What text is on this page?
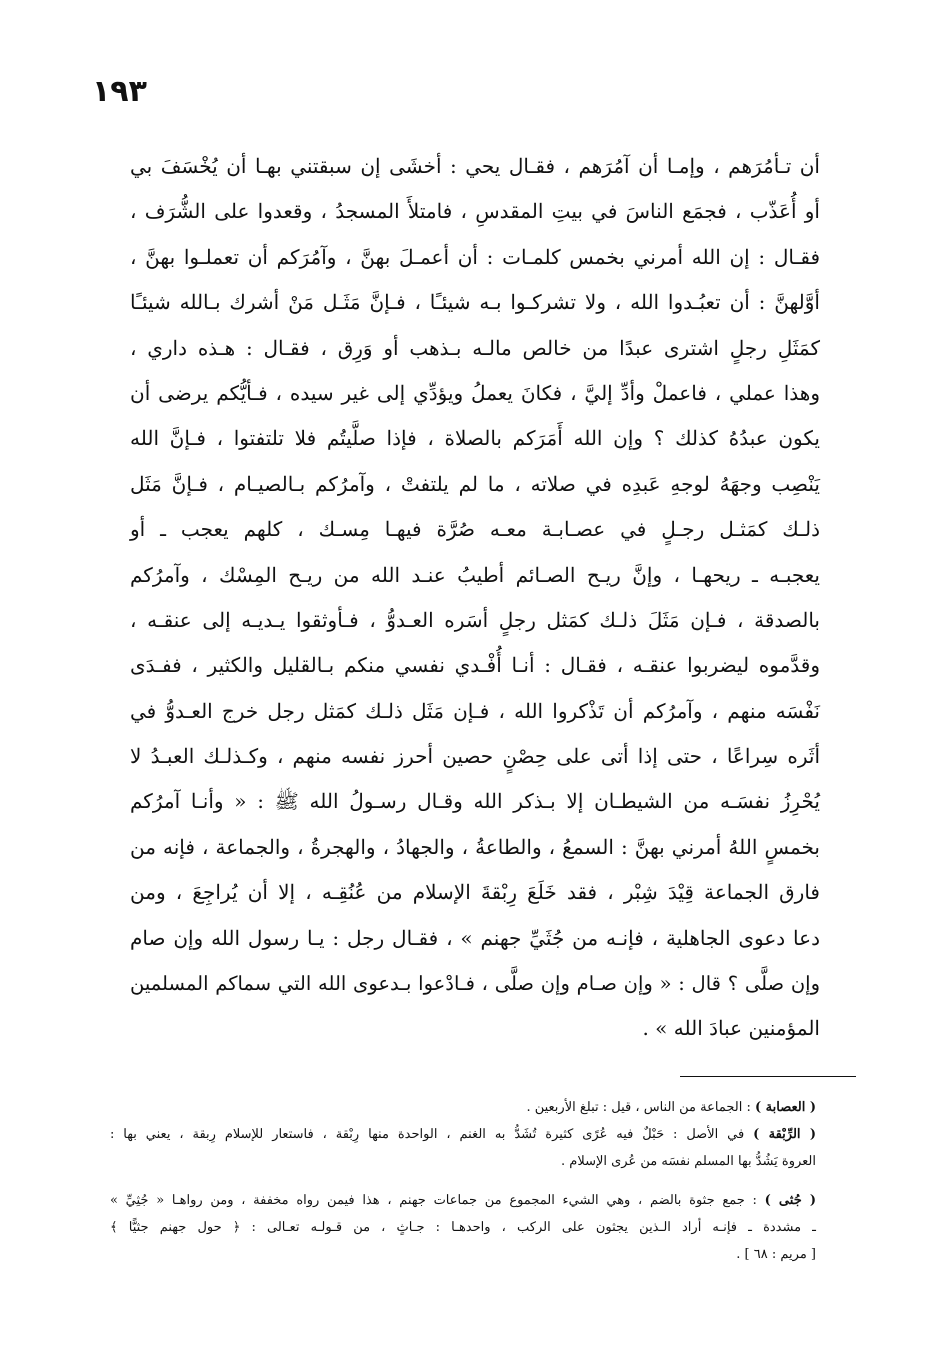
١٩٣
أن تـأمُرَهم ، وإمـا أن آمُرَهم ، فقـال يحي : أخشَى إن سبقتني بهـا أن يُخْسَفَ بي
أو أُعَذّب ، فجمَع الناسَ في بيتِ المقدسِ ، فامتلأَ المسجدُ ، وقعدوا على الشُّرَف ،
فقـال : إن الله أمرني بخمس كلمـات : أن أعمـلَ بهنَّ ، وآمُرَكم أن تعملـوا بهنَّ ،
أوَّلهنَّ : أن تعبُـدوا الله ، ولا تشركـوا بـه شيئـًا ، فـإنَّ مَثَـل مَنْ أشرك بـالله شيئـًا
كمَثَلِ رجلٍ اشترى عبدًا من خالص مالـه بـذهب أو وَرِق ، فقـال : هـذه داري ،
وهذا عملي ، فاعملْ وأدِّ إليَّ ، فكانَ يعملُ ويؤدِّي إلى غير سيده ، فـأيُّكم يرضى أن
يكون عبدُهُ كذلك ؟ وإن الله أَمَرَكم بالصلاة ، فإذا صلَّيتُم فلا تلتفتوا ، فـإنَّ الله
يَنْصِب وجهَهُ لوجهِ عَبدِه في صلاته ، ما لم يلتفتْ ، وآمرُكم بـالصيـام ، فـإنَّ مَثَل
ذلـك كمَثـل رجـلٍ في عصـابـة معـه صُرَّة فيهـا مِسـك ، كلهم يعجب ـ أو
يعجبـه ـ ريحهـا ، وإنَّ ريـح الصـائم أطيبُ عنـد الله من ريـح المِسْك ، وآمرُكم
بالصدقة ، فـإن مَثَلَ ذلـك كمَثل رجلٍ أسَره العـدوُّ ، فـأوثقوا يـديـه إلى عنقـه ،
وقدَّموه ليضربوا عنقـه ، فقـال : أنـا أُفْـدي نفسي منكم بـالقليل والكثير ، ففـدَى
نَفْسَه منهم ، وآمرُكم أن تَذْكروا الله ، فـإن مَثَل ذلـك كمَثل رجل خرج العـدوُّ في
أثَره سِراعًا ، حتى إذا أتى على حِصْنٍ حصين أحرز نفسه منهم ، وكـذلـك العبـدُ لا
يُحْرِزُ نفسَـه من الشيطـان إلا بـذكر الله وقـال رسـولُ الله ﷺ : « وأنـا آمرُكم
بخمسٍ اللهُ أمرني بهنَّ : السمعُ ، والطاعةُ ، والجهادُ ، والهجرةُ ، والجماعة ، فإنه من
فارق الجماعة قِيْدَ شِبْر ، فقد خَلَعَ رِبْقةَ الإسلام من عُنُقِـه ، إلا أن يُراجِعَ ، ومن
دعا دعوى الجاهلية ، فإنـه من جُثَيِّ جهنم » ، فقـال رجل : يـا رسول الله وإن صام
وإن صلَّى ؟ قال : « وإن صـام وإن صلَّى ، فـادْعوا بـدعوى الله التي سماكم المسلمين
المؤمنين عبادَ الله » .
( العصابة ) : الجماعة من الناس ، قيل : تبلغ الأربعين .
( الرِّبْقة ) في الأصل : حَبْلٌ فيه عُرًى كثيرة تُشَدُّ به الغنم ، الواحدة منها رِبْقة ، فاستعار للإسلام رِبقة ، يعني بها :
العروة يَشُدُّ بها المسلم نفسَه من عُرى الإسلام .
( جُثى ) : جمع جثوة بالضم ، وهي الشيء المجموع من جماعات جهنم ، هذا فيمن رواه مخففة ، ومن رواهـا « جُثِيِّ »
ـ مشددة ـ فإنـه أراد الـذين يجثون على الركب ، واحدهـا : جـاثٍ ، من قـولـه تعـالى : ﴿ حول جهنم جثيًّا ﴾
[ مريم : ٦٨ ] .
